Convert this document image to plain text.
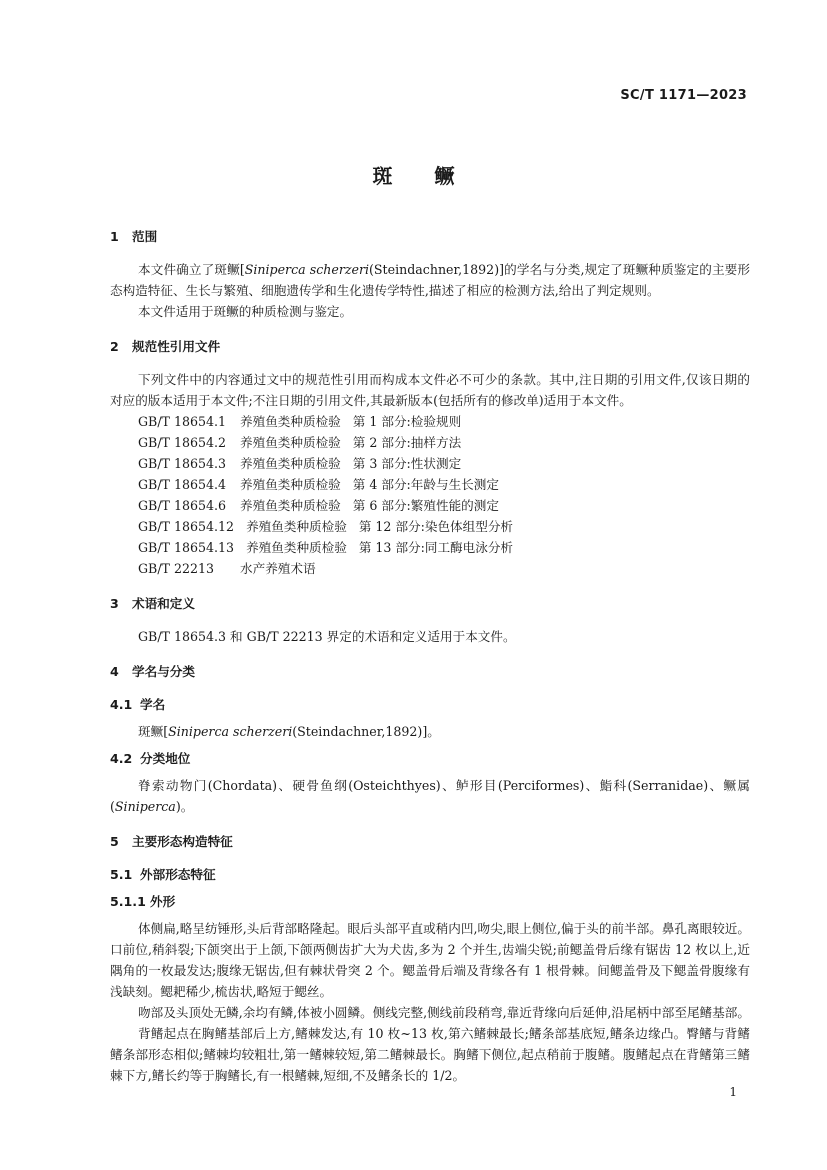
SC/T 1171—2023
斑 鳜
1 范围

本文件确立了斑鳜[Siniperca scherzeri(Steindachner,1892)]的学名与分类,规定了斑鳜种质鉴定的主要形态构造特征、生长与繁殖、细胞遗传学和生化遗传学特性,描述了相应的检测方法,给出了判定规则。

本文件适用于斑鳜的种质检测与鉴定。

2 规范性引用文件

下列文件中的内容通过文中的规范性引用而构成本文件必不可少的条款。其中,注日期的引用文件,仅该日期的对应的版本适用于本文件;不注日期的引用文件,其最新版本(包括所有的修改单)适用于本文件。

GB/T 18654.1 养殖鱼类种质检验 第 1 部分:检验规则
GB/T 18654.2 养殖鱼类种质检验 第 2 部分:抽样方法
GB/T 18654.3 养殖鱼类种质检验 第 3 部分:性状测定
GB/T 18654.4 养殖鱼类种质检验 第 4 部分:年龄与生长测定
GB/T 18654.6 养殖鱼类种质检验 第 6 部分:繁殖性能的测定
GB/T 18654.12 养殖鱼类种质检验 第 12 部分:染色体组型分析
GB/T 18654.13 养殖鱼类种质检验 第 13 部分:同工酶电泳分析
GB/T 22213 水产养殖术语
3 术语和定义

GB/T 18654.3 和 GB/T 22213 界定的术语和定义适用于本文件。

4 学名与分类
4.1 学名

斑鳜[Siniperca scherzeri(Steindachner,1892)]。

4.2 分类地位

脊索动物门(Chordata)、硬骨鱼纲(Osteichthyes)、鲈形目(Perciformes)、鮨科(Serranidae)、鳜属(Siniperca)。

5 主要形态构造特征
5.1 外部形态特征
5.1.1 外形

体侧扁,略呈纺锤形,头后背部略隆起。眼后头部平直或稍内凹,吻尖,眼上侧位,偏于头的前半部。鼻孔离眼较近。口前位,稍斜裂;下颌突出于上颌,下颌两侧齿扩大为犬齿,多为 2 个并生,齿端尖锐;前鳃盖骨后缘有锯齿 12 枚以上,近隅角的一枚最发达;腹缘无锯齿,但有棘状骨突 2 个。鳃盖骨后端及背缘各有 1 根骨棘。间鳃盖骨及下鳃盖骨腹缘有浅缺刻。鳃耙稀少,梳齿状,略短于鳃丝。

吻部及头顶处无鳞,余均有鳞,体被小圆鳞。侧线完整,侧线前段稍弯,靠近背缘向后延伸,沿尾柄中部至尾鳍基部。

背鳍起点在胸鳍基部后上方,鳍棘发达,有 10 枚~13 枚,第六鳍棘最长;鳍条部基底短,鳍条边缘凸。臀鳍与背鳍鳍条部形态相似;鳍棘均较粗壮,第一鳍棘较短,第二鳍棘最长。胸鳍下侧位,起点稍前于腹鳍。腹鳍起点在背鳍第三鳍棘下方,鳍长约等于胸鳍长,有一根鳍棘,短细,不及鳍条长的 1/2。

1
